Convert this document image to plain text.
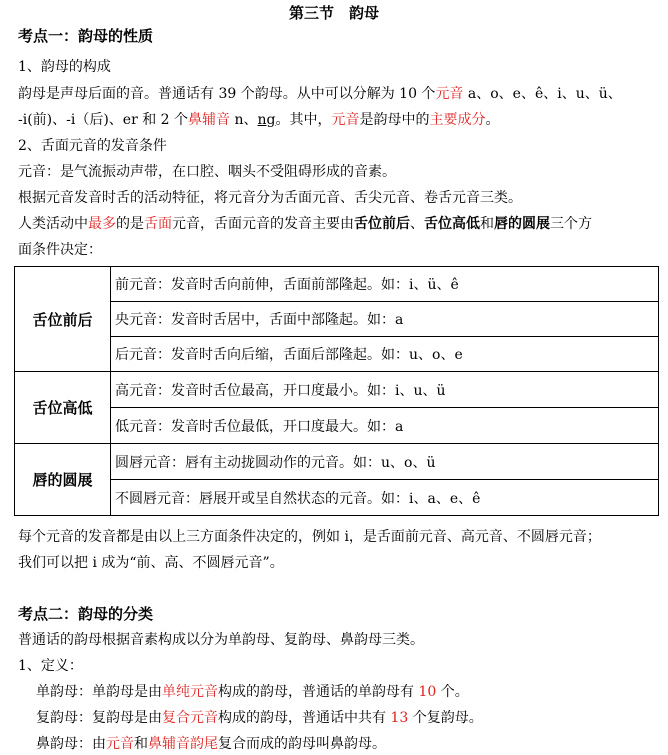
第三节　韵母
考点一：韵母的性质
1、韵母的构成
韵母是声母后面的音。普通话有 39 个韵母。从中可以分解为 10 个元音 a、o、e、ê、i、u、ü、
-i(前)、-i（后)、er 和 2 个鼻辅音 n、ng。其中，元音是韵母中的主要成分。
2、舌面元音的发音条件
元音：是气流振动声带，在口腔、咽头不受阻碍形成的音素。
根据元音发音时舌的活动特征，将元音分为舌面元音、舌尖元音、卷舌元音三类。
人类活动中最多的是舌面元音，舌面元音的发音主要由舌位前后、舌位高低和唇的圆展三个方
面条件决定：
舌位前后	前元音：发音时舌向前伸，舌面前部隆起。如：i、ü、ê
	央元音：发音时舌居中，舌面中部隆起。如：a
	后元音：发音时舌向后缩，舌面后部隆起。如：u、o、e
舌位高低	高元音：发音时舌位最高，开口度最小。如：i、u、ü
	低元音：发音时舌位最低，开口度最大。如：a
唇的圆展	圆唇元音：唇有主动拢圆动作的元音。如：u、o、ü
	不圆唇元音：唇展开或呈自然状态的元音。如：i、a、e、ê
每个元音的发音都是由以上三方面条件决定的，例如 i，是舌面前元音、高元音、不圆唇元音；
我们可以把 i 成为“前、高、不圆唇元音”。
考点二：韵母的分类
普通话的韵母根据音素构成以分为单韵母、复韵母、鼻韵母三类。
1、定义：
单韵母：单韵母是由单纯元音构成的韵母，普通话的单韵母有 10 个。
复韵母：复韵母是由复合元音构成的韵母，普通话中共有 13 个复韵母。
鼻韵母：由元音和鼻辅音韵尾复合而成的韵母叫鼻韵母。
